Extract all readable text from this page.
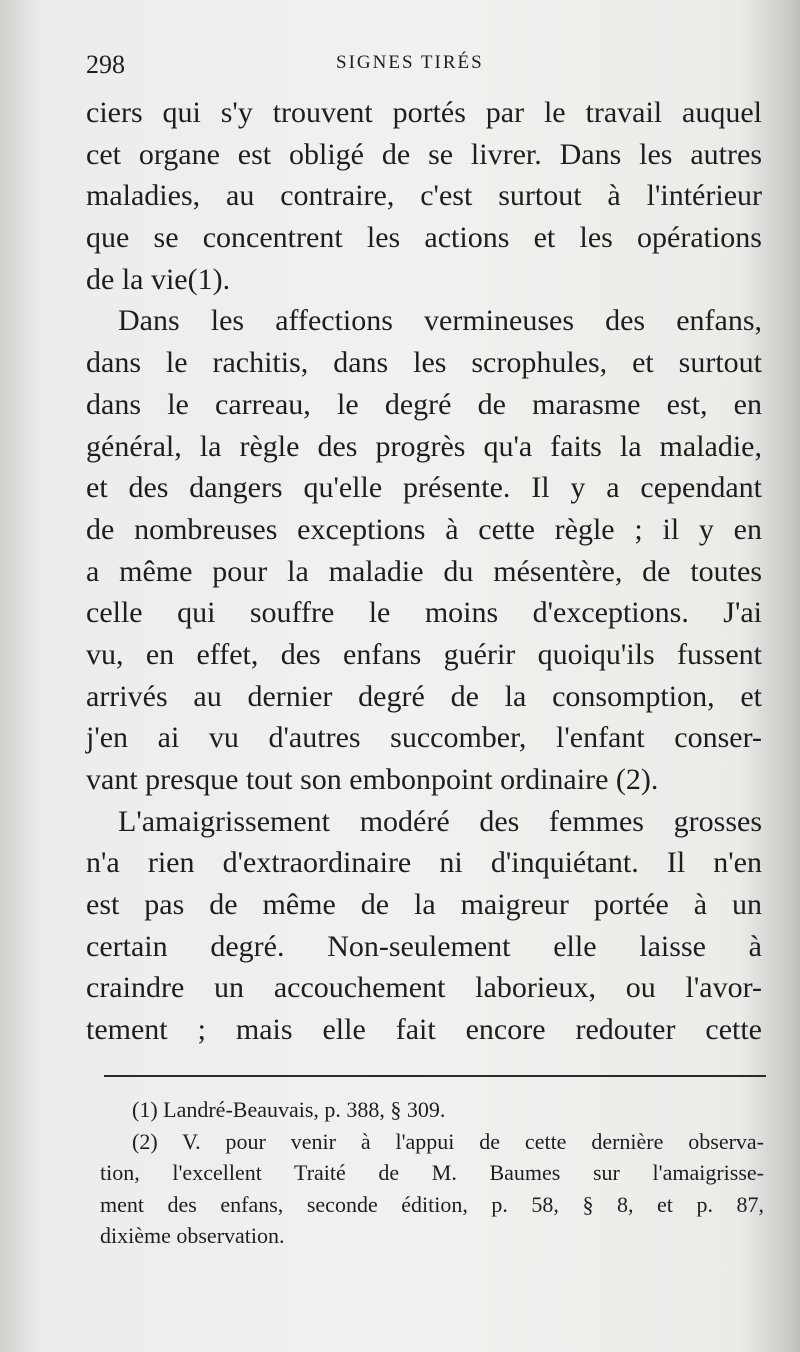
298	SIGNES TIRÉS
ciers qui s'y trouvent portés par le travail auquel
cet organe est obligé de se livrer. Dans les autres
maladies, au contraire, c'est surtout à l'intérieur
que se concentrent les actions et les opérations
de la vie(1).
Dans les affections vermineuses des enfans,
dans le rachitis, dans les scrophules, et surtout
dans le carreau, le degré de marasme est, en
général, la règle des progrès qu'a faits la maladie,
et des dangers qu'elle présente. Il y a cependant
de nombreuses exceptions à cette règle ; il y en
a même pour la maladie du mésentère, de toutes
celle qui souffre le moins d'exceptions. J'ai
vu, en effet, des enfans guérir quoiqu'ils fussent
arrivés au dernier degré de la consomption, et
j'en ai vu d'autres succomber, l'enfant conser-
vant presque tout son embonpoint ordinaire (2).
L'amaigrissement modéré des femmes grosses
n'a rien d'extraordinaire ni d'inquiétant. Il n'en
est pas de même de la maigreur portée à un
certain degré. Non-seulement elle laisse à
craindre un accouchement laborieux, ou l'avor-
tement ; mais elle fait encore redouter cette
(1) Landré-Beauvais, p. 388, § 309.
(2) V. pour venir à l'appui de cette dernière observa-
tion, l'excellent Traité de M. Baumes sur l'amaigrisse-
ment des enfans, seconde édition, p. 58, § 8, et p. 87,
dixième observation.
